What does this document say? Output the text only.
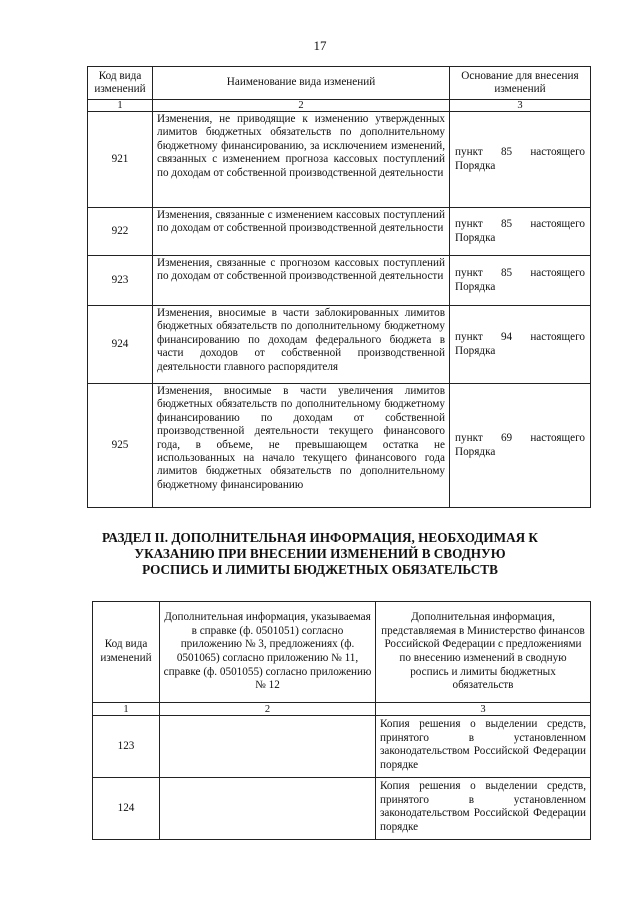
17
Код вида изменений	Наименование вида изменений	Основание для внесения изменений
1	2	3
921	Изменения, не приводящие к изменению утвержденных лимитов бюджетных обязательств по дополнительному бюджетному финансированию, за исключением изменений, связанных с изменением прогноза кассовых поступлений по доходам от собственной производственной деятельности	пункт 85 настоящего Порядка
922	Изменения, связанные с изменением кассовых поступлений по доходам от собственной производственной деятельности	пункт 85 настоящего Порядка
923	Изменения, связанные с прогнозом кассовых поступлений по доходам от собственной производственной деятельности	пункт 85 настоящего Порядка
924	Изменения, вносимые в части заблокированных лимитов бюджетных обязательств по дополнительному бюджетному финансированию по доходам федерального бюджета в части доходов от собственной производственной деятельности главного распорядителя	пункт 94 настоящего Порядка
925	Изменения, вносимые в части увеличения лимитов бюджетных обязательств по дополнительному бюджетному финансированию по доходам от собственной производственной деятельности текущего финансового года, в объеме, не превышающем остатка не использованных на начало текущего финансового года лимитов бюджетных обязательств по дополнительному бюджетному финансированию	пункт 69 настоящего Порядка
РАЗДЕЛ II. ДОПОЛНИТЕЛЬНАЯ ИНФОРМАЦИЯ, НЕОБХОДИМАЯ К УКАЗАНИЮ ПРИ ВНЕСЕНИИ ИЗМЕНЕНИЙ В СВОДНУЮ РОСПИСЬ И ЛИМИТЫ БЮДЖЕТНЫХ ОБЯЗАТЕЛЬСТВ
Код вида изменений	Дополнительная информация, указываемая в справке (ф. 0501051) согласно приложению № 3, предложениях (ф. 0501065) согласно приложению № 11, справке (ф. 0501055) согласно приложению № 12	Дополнительная информация, представляемая в Министерство финансов Российской Федерации с предложениями по внесению изменений в сводную роспись и лимиты бюджетных обязательств
1	2	3
123		Копия решения о выделении средств, принятого в установленном законодательством Российской Федерации порядке
124		Копия решения о выделении средств, принятого в установленном законодательством Российской Федерации порядке
